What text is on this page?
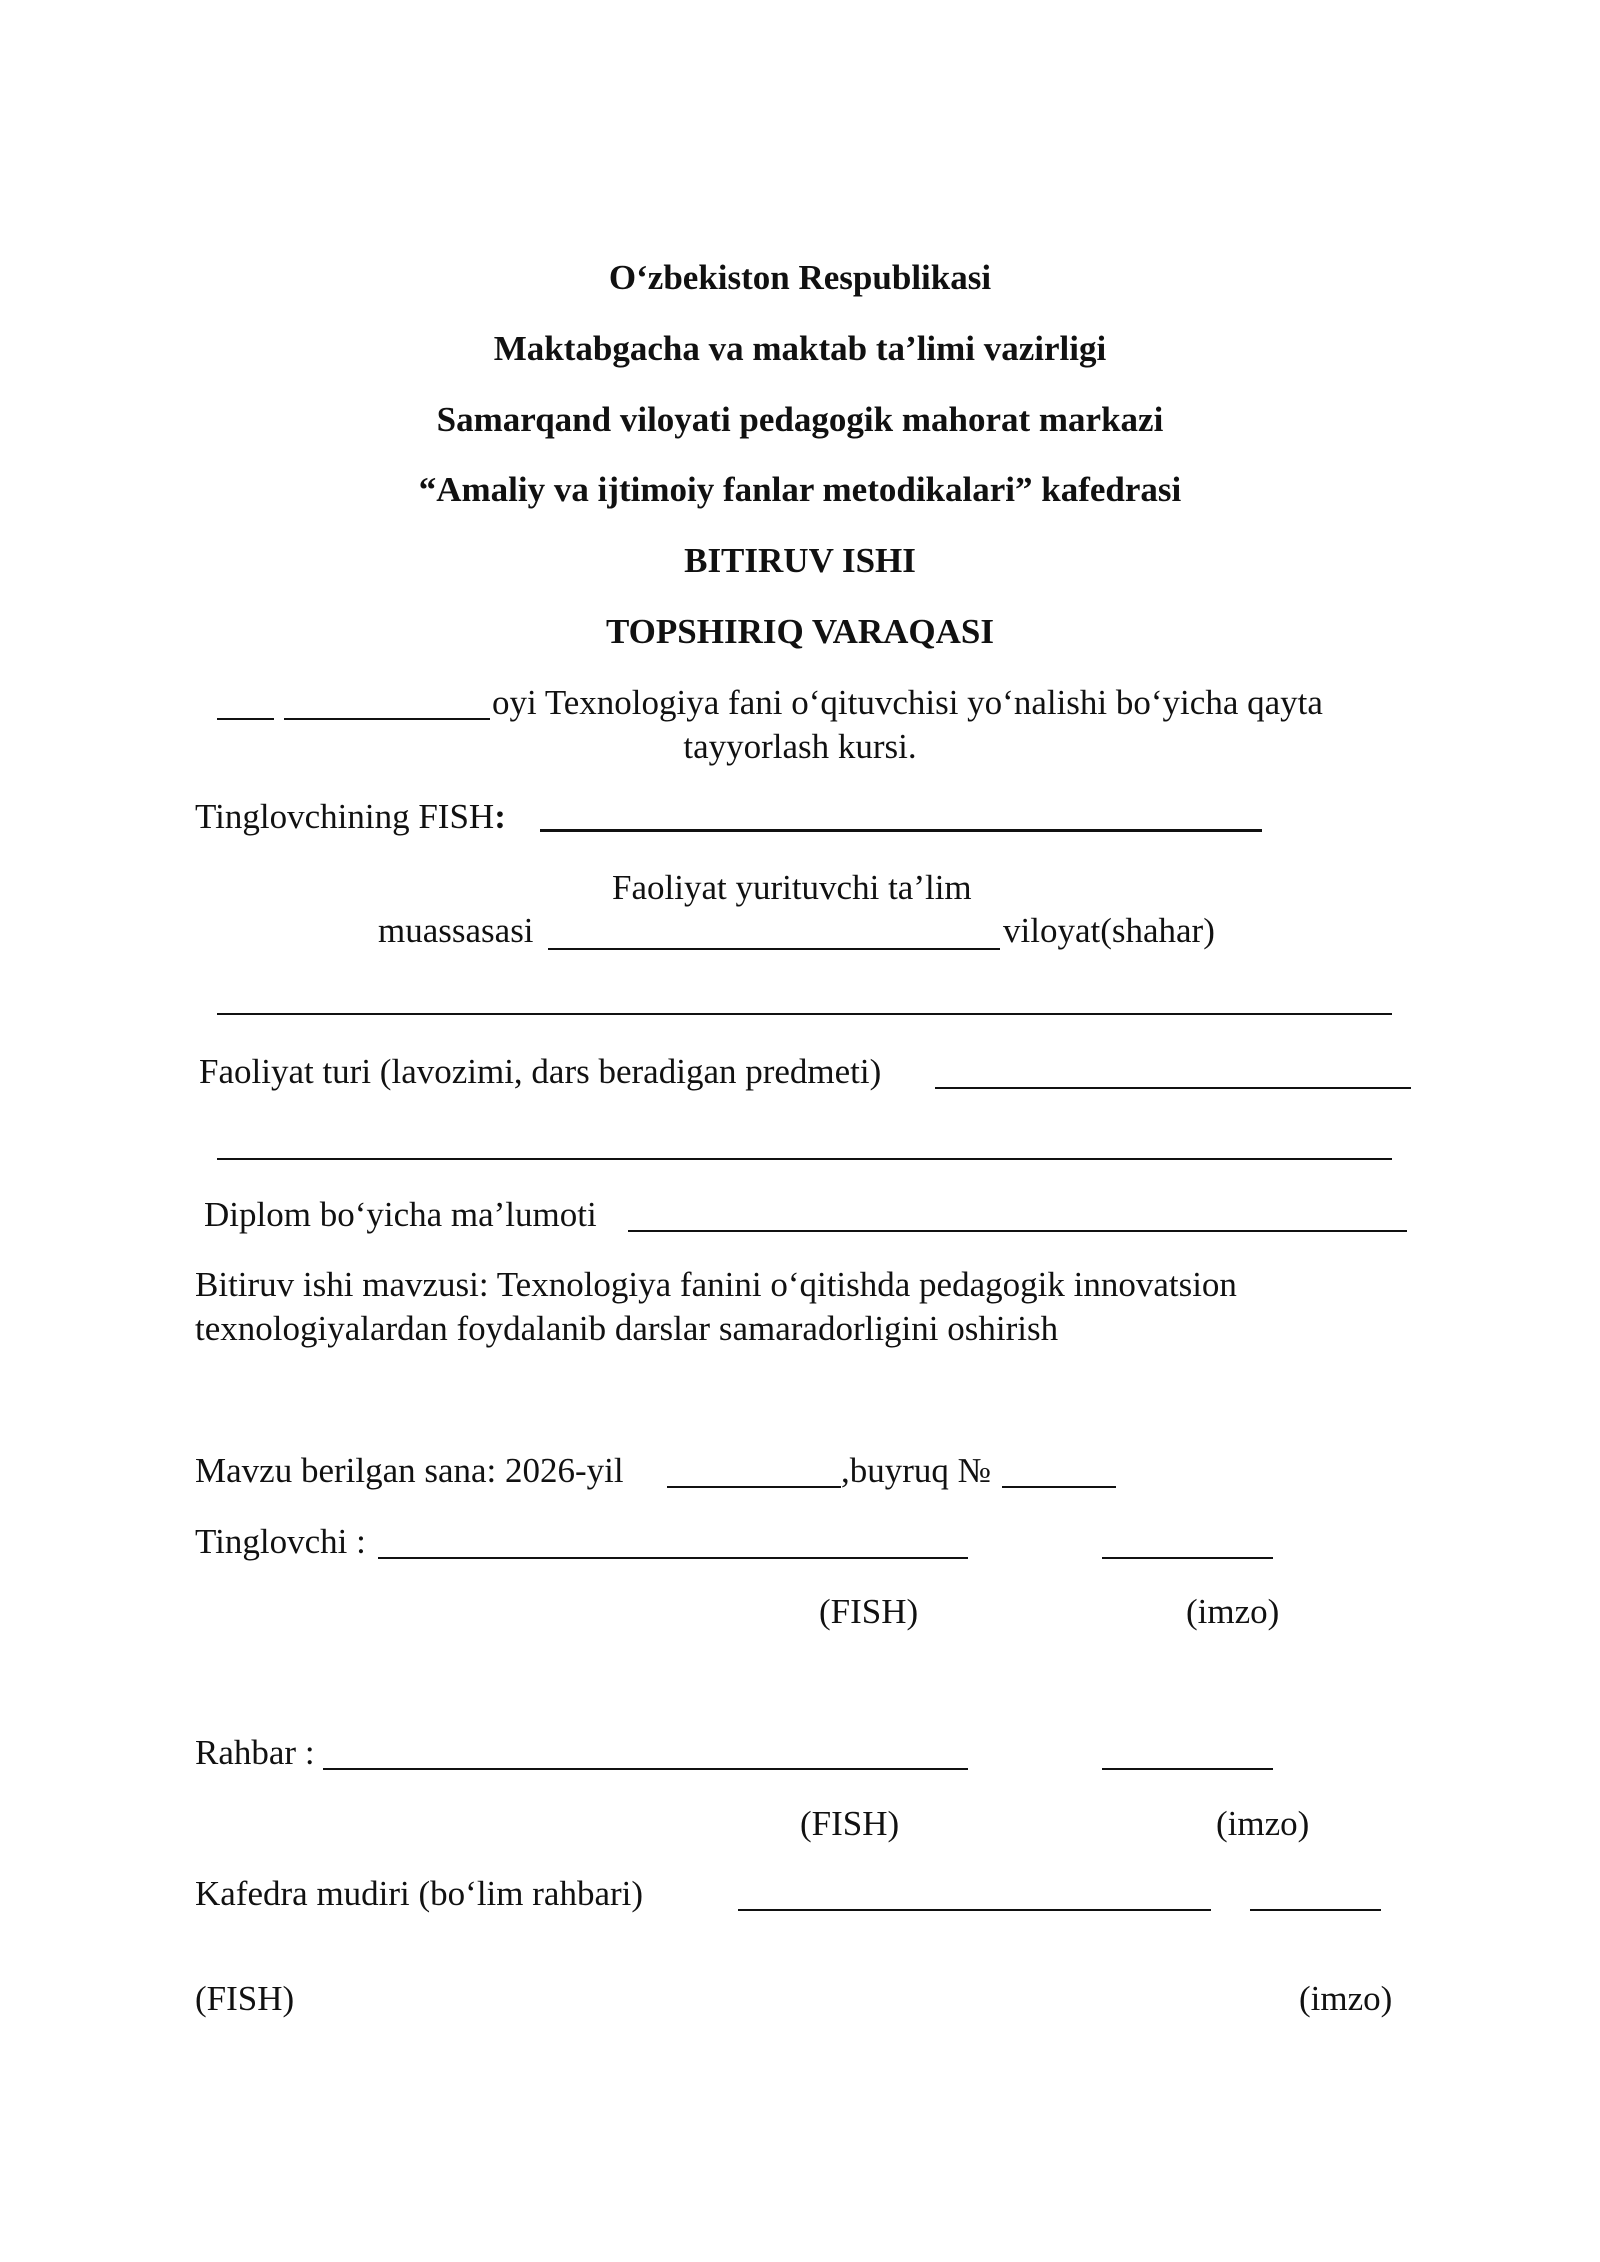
Oʻzbekiston Respublikasi
Maktabgacha va maktab ta’limi vazirligi
Samarqand viloyati pedagogik mahorat markazi
“Amaliy va ijtimoiy fanlar metodikalari” kafedrasi
BITIRUV ISHI
TOPSHIRIQ VARAQASI
oyi Texnologiya fani oʻqituvchisi yoʻnalishi boʻyicha qayta
tayyorlash kursi.
Tinglovchining FISH:
Faoliyat yurituvchi ta’lim
muassasasi	viloyat(shahar)
Faoliyat turi (lavozimi, dars beradigan predmeti)
Diplom boʻyicha ma’lumoti
Bitiruv ishi mavzusi: Texnologiya fanini oʻqitishda pedagogik innovatsion
texnologiyalardan foydalanib darslar samaradorligini oshirish
Mavzu berilgan sana: 2026-yil	,buyruq №
Tinglovchi :
(FISH)	(imzo)
Rahbar :
(FISH)	(imzo)
Kafedra mudiri (boʻlim rahbari)
(FISH)	(imzo)
